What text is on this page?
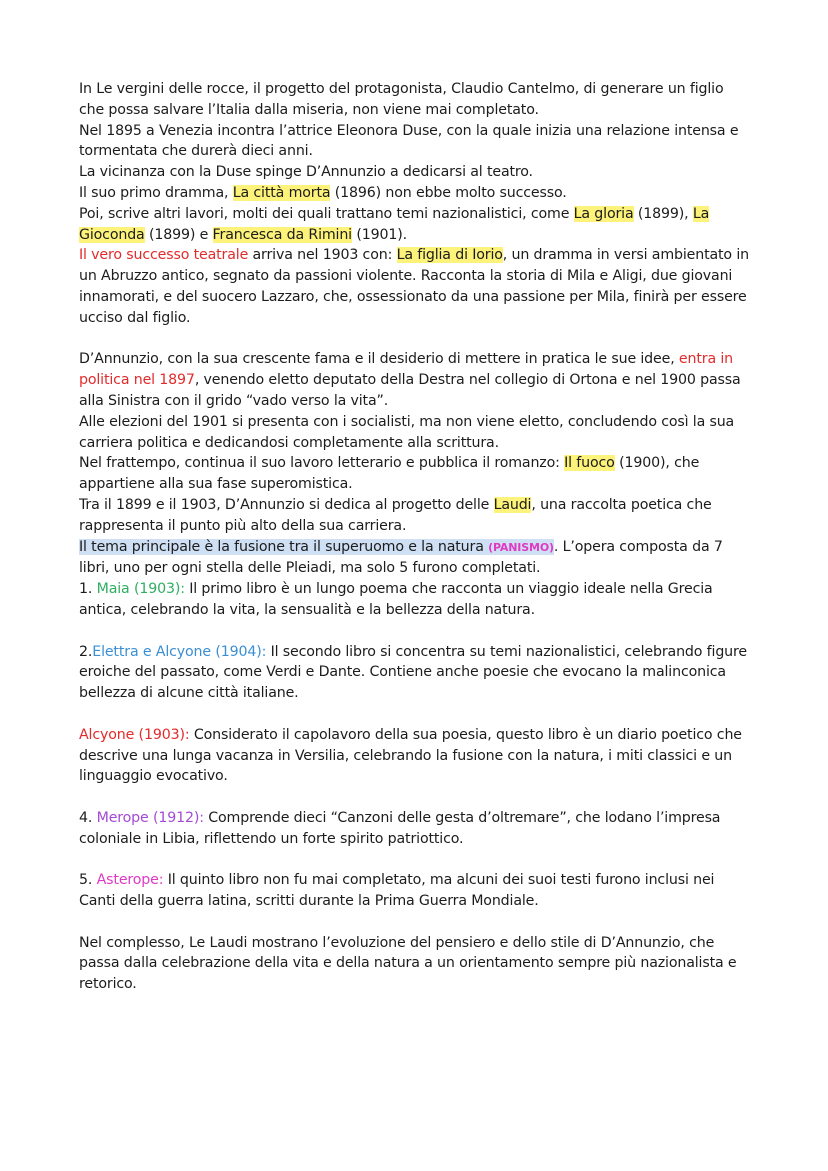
In Le vergini delle rocce, il progetto del protagonista, Claudio Cantelmo, di generare un figlio che possa salvare l’Italia dalla miseria, non viene mai completato.

Nel 1895 a Venezia incontra l’attrice Eleonora Duse, con la quale inizia una relazione intensa e tormentata che durerà dieci anni.

La vicinanza con la Duse spinge D’Annunzio a dedicarsi al teatro.

Il suo primo dramma, La città morta (1896) non ebbe molto successo.

Poi, scrive altri lavori, molti dei quali trattano temi nazionalistici, come La gloria (1899), La Gioconda (1899) e Francesca da Rimini (1901).

Il vero successo teatrale arriva nel 1903 con: La figlia di Iorio, un dramma in versi ambientato in un Abruzzo antico, segnato da passioni violente. Racconta la storia di Mila e Aligi, due giovani innamorati, e del suocero Lazzaro, che, ossessionato da una passione per Mila, finirà per essere ucciso dal figlio.

D’Annunzio, con la sua crescente fama e il desiderio di mettere in pratica le sue idee, entra in politica nel 1897, venendo eletto deputato della Destra nel collegio di Ortona e nel 1900 passa alla Sinistra con il grido “vado verso la vita”.

Alle elezioni del 1901 si presenta con i socialisti, ma non viene eletto, concludendo così la sua carriera politica e dedicandosi completamente alla scrittura.

Nel frattempo, continua il suo lavoro letterario e pubblica il romanzo: Il fuoco (1900), che appartiene alla sua fase superomistica.

Tra il 1899 e il 1903, D’Annunzio si dedica al progetto delle Laudi, una raccolta poetica che rappresenta il punto più alto della sua carriera.

Il tema principale è la fusione tra il superuomo e la natura (PANISMO). L’opera composta da 7 libri, uno per ogni stella delle Pleiadi, ma solo 5 furono completati.

1. Maia (1903): Il primo libro è un lungo poema che racconta un viaggio ideale nella Grecia antica, celebrando la vita, la sensualità e la bellezza della natura.

2.Elettra e Alcyone (1904): Il secondo libro si concentra su temi nazionalistici, celebrando figure eroiche del passato, come Verdi e Dante. Contiene anche poesie che evocano la malinconica bellezza di alcune città italiane.

Alcyone (1903): Considerato il capolavoro della sua poesia, questo libro è un diario poetico che descrive una lunga vacanza in Versilia, celebrando la fusione con la natura, i miti classici e un linguaggio evocativo.

4. Merope (1912): Comprende dieci “Canzoni delle gesta d’oltremare”, che lodano l’impresa coloniale in Libia, riflettendo un forte spirito patriottico.

5. Asterope: Il quinto libro non fu mai completato, ma alcuni dei suoi testi furono inclusi nei Canti della guerra latina, scritti durante la Prima Guerra Mondiale.

Nel complesso, Le Laudi mostrano l’evoluzione del pensiero e dello stile di D’Annunzio, che passa dalla celebrazione della vita e della natura a un orientamento sempre più nazionalista e retorico.
